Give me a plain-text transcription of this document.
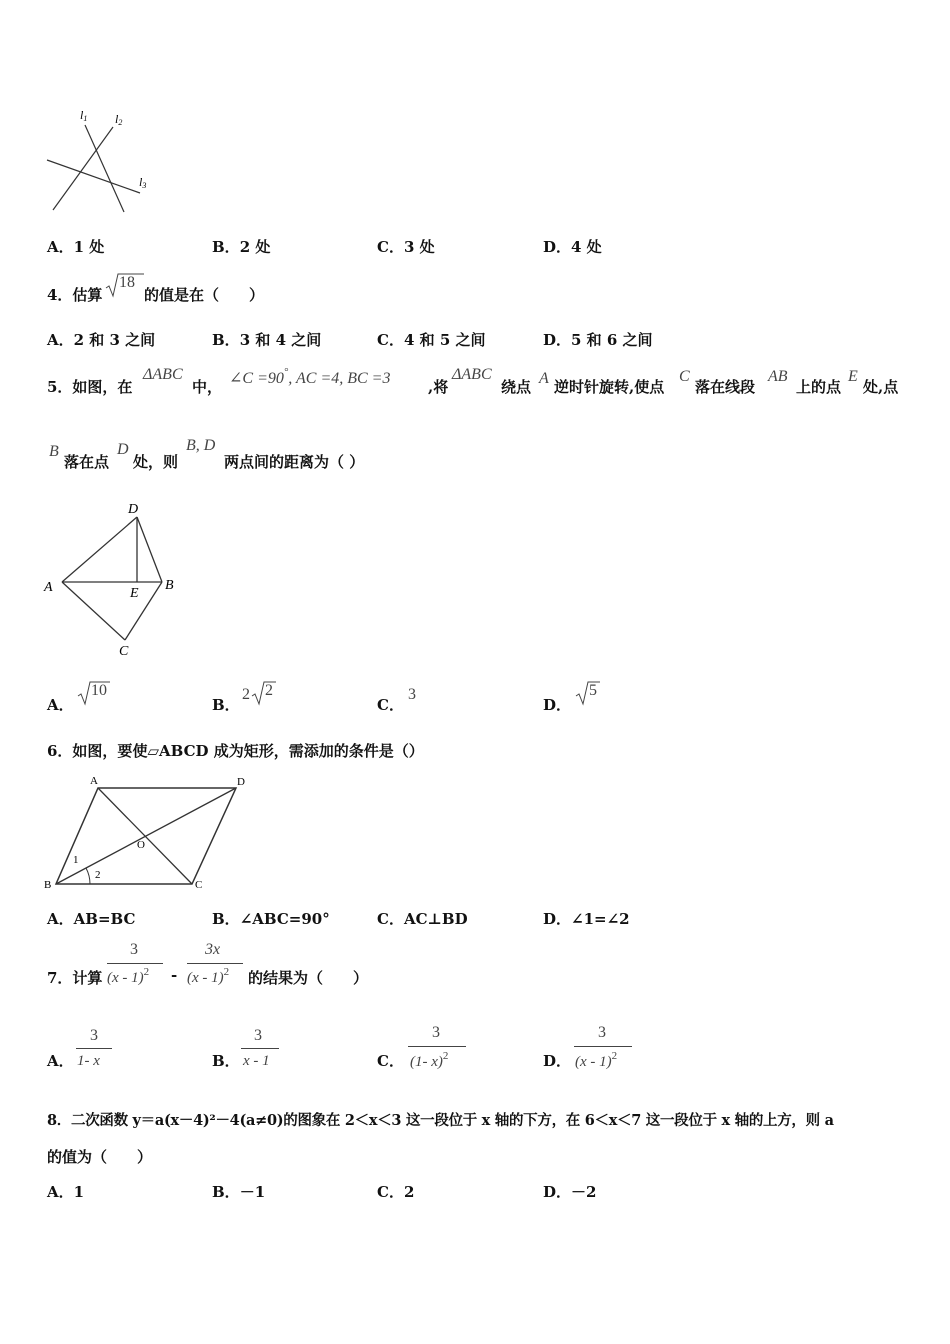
l1 l2
l3
A．1 处	B．2 处	C．3 处	D．4 处
4．估算
18
的值是在（　　）
A．2 和 3 之间	B．3 和 4 之间	C．4 和 5 之间	D．5 和 6 之间
5．如图，在
ΔABC
中， ∠C =90°, AC =4, BC =3	,将
ΔABC
绕点 A 逆时针旋转,使点
C
落在线段
AB
上的点
E
处,点
B
落在点
D
处，则
B, D
两点间的距离为（ ）
D
A	E
B
C
A．
10
B．
2 2
C．
3
D．
5
6．如图，要使▱ABCD 成为矩形，需添加的条件是（）
A	D
B	C
O
1
2
A．AB=BC	B．∠ABC=90°	C．AC⊥BD	D．∠1=∠2
7．计算
3
(x - 1)$^2$ -
3x
(x - 1)$^2$ 的结果为（　　）
A．
3
1- x	B．
3
x - 1	C．
3
(1- x)$^2$	D．
3
(x - 1)$^2$
8．二次函数 y＝a(x－4)²－4(a≠0)的图象在 2＜x＜3 这一段位于 x 轴的下方，在 6＜x＜7 这一段位于 x 轴的上方，则 a
的值为（　　）
A．1	B．－1	C．2	D．－2
